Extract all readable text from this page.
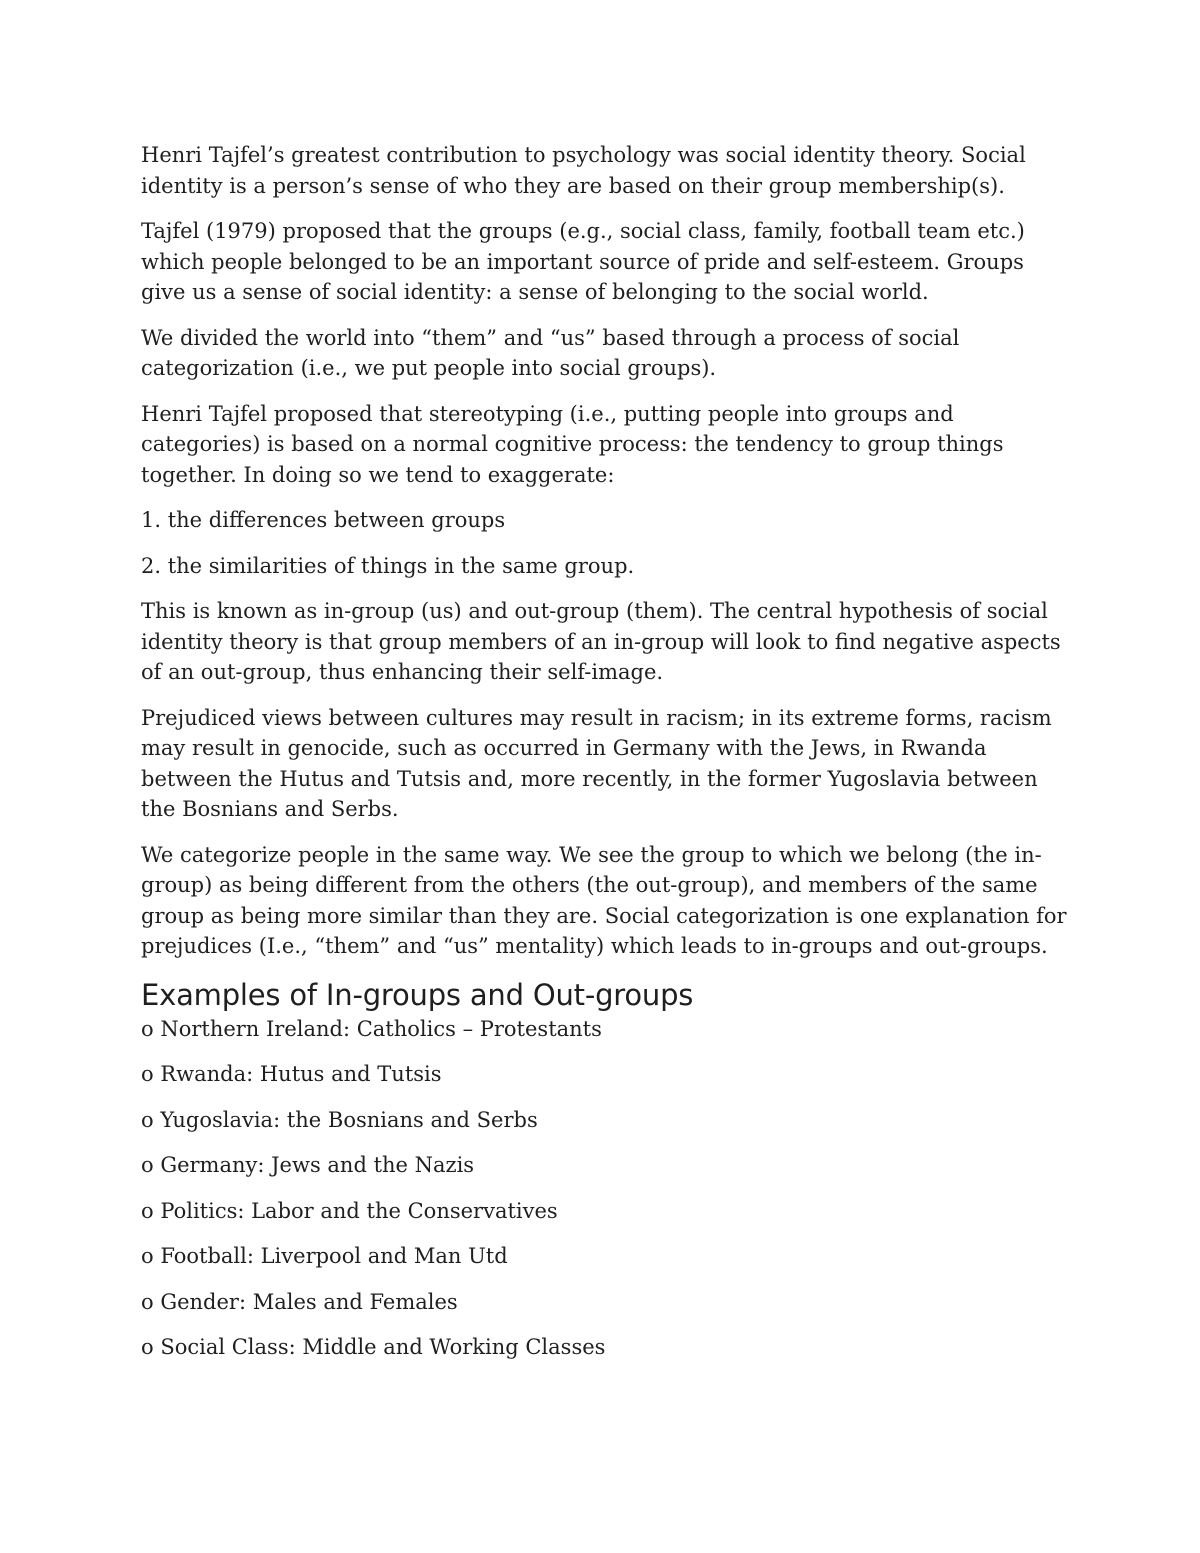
Henri Tajfel’s greatest contribution to psychology was social identity theory. Social identity is a person’s sense of who they are based on their group membership(s).

Tajfel (1979) proposed that the groups (e.g., social class, family, football team etc.) which people belonged to be an important source of pride and self-esteem. Groups give us a sense of social identity: a sense of belonging to the social world.

We divided the world into “them” and “us” based through a process of social categorization (i.e., we put people into social groups).

Henri Tajfel proposed that stereotyping (i.e., putting people into groups and categories) is based on a normal cognitive process: the tendency to group things together. In doing so we tend to exaggerate:

1. the differences between groups
2. the similarities of things in the same group.

This is known as in-group (us) and out-group (them). The central hypothesis of social identity theory is that group members of an in-group will look to find negative aspects of an out-group, thus enhancing their self-image.

Prejudiced views between cultures may result in racism; in its extreme forms, racism may result in genocide, such as occurred in Germany with the Jews, in Rwanda between the Hutus and Tutsis and, more recently, in the former Yugoslavia between the Bosnians and Serbs.

We categorize people in the same way. We see the group to which we belong (the in-group) as being different from the others (the out-group), and members of the same group as being more similar than they are. Social categorization is one explanation for prejudices (I.e., “them” and “us” mentality) which leads to in-groups and out-groups.

Examples of In-groups and Out-groups
o Northern Ireland: Catholics – Protestants
o Rwanda: Hutus and Tutsis
o Yugoslavia: the Bosnians and Serbs
o Germany: Jews and the Nazis
o Politics: Labor and the Conservatives
o Football: Liverpool and Man Utd
o Gender: Males and Females
o Social Class: Middle and Working Classes
